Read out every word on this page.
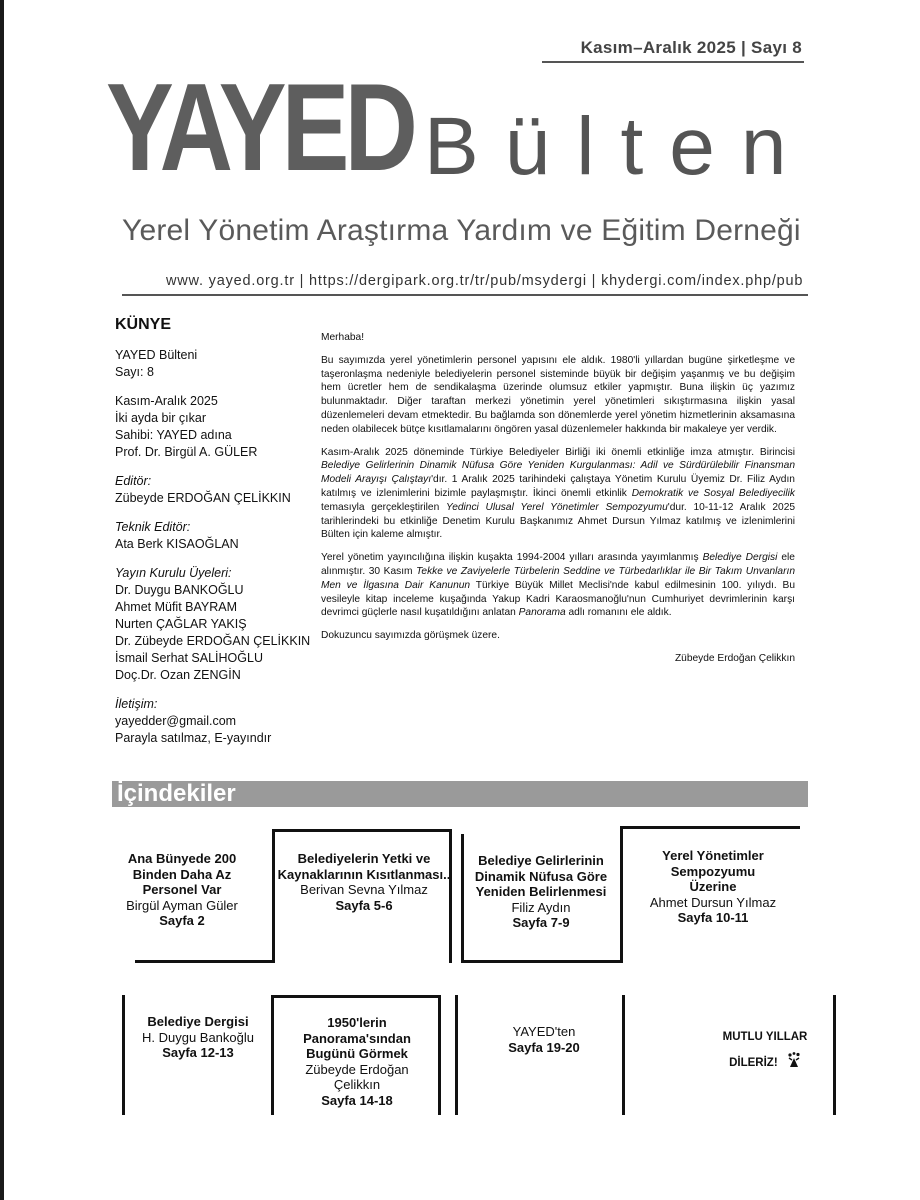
Kasım–Aralık 2025 | Sayı 8
YAYED Bülten
Yerel Yönetim Araştırma Yardım ve Eğitim Derneği
www. yayed.org.tr | https://dergipark.org.tr/tr/pub/msydergi | khydergi.com/index.php/pub
KÜNYE

YAYED Bülteni
Sayı: 8

Kasım-Aralık 2025
İki ayda bir çıkar
Sahibi: YAYED adına
Prof. Dr. Birgül A. GÜLER

Editör:
Zübeyde ERDOĞAN ÇELİKKIN

Teknik Editör:
Ata Berk KISAOĞLAN

Yayın Kurulu Üyeleri:
Dr. Duygu BANKOĞLU
Ahmet Müfit BAYRAM
Nurten ÇAĞLAR YAKIŞ
Dr. Zübeyde ERDOĞAN ÇELİKKIN
İsmail Serhat SALİHOĞLU
Doç.Dr. Ozan ZENGİN

İletişim:
yayedder@gmail.com
Parayla satılmaz, E-yayındır

Merhaba!

Bu sayımızda yerel yönetimlerin personel yapısını ele aldık. 1980'li yıllardan bugüne şirketleşme ve taşeronlaşma nedeniyle belediyelerin personel sisteminde büyük bir değişim yaşanmış ve bu değişim hem ücretler hem de sendikalaşma üzerinde olumsuz etkiler yapmıştır. Buna ilişkin üç yazımız bulunmaktadır. Diğer taraftan merkezi yönetimin yerel yönetimleri sıkıştırmasına ilişkin yasal düzenlemeleri devam etmektedir. Bu bağlamda son dönemlerde yerel yönetim hizmetlerinin aksamasına neden olabilecek bütçe kısıtlamalarını öngören yasal düzenlemeler hakkında bir makaleye yer verdik.

Kasım-Aralık 2025 döneminde Türkiye Belediyeler Birliği iki önemli etkinliğe imza atmıştır. Birincisi Belediye Gelirlerinin Dinamik Nüfusa Göre Yeniden Kurgulanması: Adil ve Sürdürülebilir Finansman Modeli Arayışı Çalıştayı'dır. 1 Aralık 2025 tarihindeki çalıştaya Yönetim Kurulu Üyemiz Dr. Filiz Aydın katılmış ve izlenimlerini bizimle paylaşmıştır. İkinci önemli etkinlik Demokratik ve Sosyal Belediyecilik temasıyla gerçekleştirilen Yedinci Ulusal Yerel Yönetimler Sempozyumu'dur. 10-11-12 Aralık 2025 tarihlerindeki bu etkinliğe Denetim Kurulu Başkanımız Ahmet Dursun Yılmaz katılmış ve izlenimlerini Bülten için kaleme almıştır.

Yerel yönetim yayıncılığına ilişkin kuşakta 1994-2004 yılları arasında yayımlanmış Belediye Dergisi ele alınmıştır. 30 Kasım Tekke ve Zaviyelerle Türbelerin Seddine ve Türbedarlıklar ile Bir Takım Unvanların Men ve İlgasına Dair Kanunun Türkiye Büyük Millet Meclisi'nde kabul edilmesinin 100. yılıydı. Bu vesileyle kitap inceleme kuşağında Yakup Kadri Karaosmanoğlu'nun Cumhuriyet devrimlerinin karşı devrimci güçlerle nasıl kuşatıldığını anlatan Panorama adlı romanını ele aldık.

Dokuzuncu sayımızda görüşmek üzere.

Zübeyde Erdoğan Çelikkın

İçindekiler
Ana Bünyede 200
Binden Daha Az
Personel Var
Birgül Ayman Güler
Sayfa 2
Belediyelerin Yetki ve
Kaynaklarının Kısıtlanması..
Berivan Sevna Yılmaz
Sayfa 5-6
Belediye Gelirlerinin
Dinamik Nüfusa Göre
Yeniden Belirlenmesi
Filiz Aydın
Sayfa 7-9
Yerel Yönetimler
Sempozyumu
Üzerine
Ahmet Dursun Yılmaz
Sayfa 10-11
Belediye Dergisi
H. Duygu Bankoğlu
Sayfa 12-13
1950'lerin
Panorama'sından
Bugünü Görmek
Zübeyde Erdoğan
Çelikkın
Sayfa 14-18
YAYED'ten
Sayfa 19-20
MUTLU YILLAR
DİLERİZ!
